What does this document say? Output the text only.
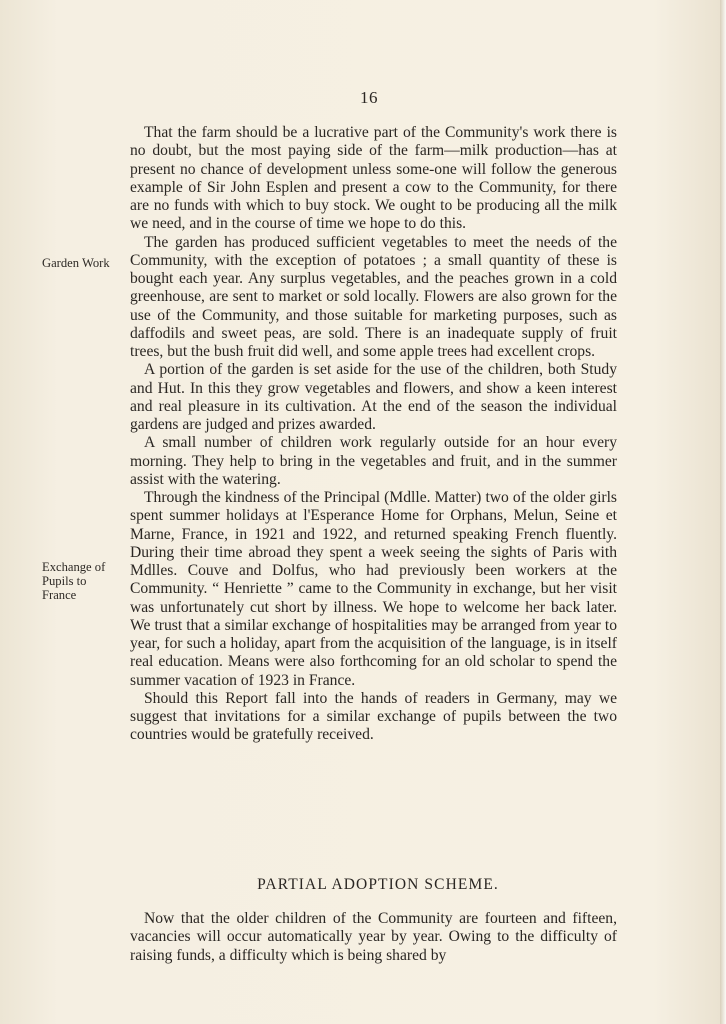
16
Garden Work
Exchange of
Pupils to
France

That the farm should be a lucrative part of the Community's work there is no doubt, but the most paying side of the farm—milk production—has at present no chance of development unless some-one will follow the generous example of Sir John Esplen and present a cow to the Community, for there are no funds with which to buy stock. We ought to be producing all the milk we need, and in the course of time we hope to do this.

The garden has produced sufficient vegetables to meet the needs of the Community, with the exception of potatoes ; a small quantity of these is bought each year. Any surplus vegetables, and the peaches grown in a cold greenhouse, are sent to market or sold locally. Flowers are also grown for the use of the Community, and those suitable for marketing purposes, such as daffodils and sweet peas, are sold. There is an inadequate supply of fruit trees, but the bush fruit did well, and some apple trees had excellent crops.

A portion of the garden is set aside for the use of the children, both Study and Hut. In this they grow vegetables and flowers, and show a keen interest and real pleasure in its cultivation. At the end of the season the individual gardens are judged and prizes awarded.

A small number of children work regularly outside for an hour every morning. They help to bring in the vegetables and fruit, and in the summer assist with the watering.

Through the kindness of the Principal (Mdlle. Matter) two of the older girls spent summer holidays at l'Esperance Home for Orphans, Melun, Seine et Marne, France, in 1921 and 1922, and returned speaking French fluently. During their time abroad they spent a week seeing the sights of Paris with Mdlles. Couve and Dolfus, who had previously been workers at the Community. “ Henriette ” came to the Community in exchange, but her visit was unfortunately cut short by illness. We hope to welcome her back later. We trust that a similar exchange of hospitalities may be arranged from year to year, for such a holiday, apart from the acquisition of the language, is in itself real education. Means were also forthcoming for an old scholar to spend the summer vacation of 1923 in France.

Should this Report fall into the hands of readers in Germany, may we suggest that invitations for a similar exchange of pupils between the two countries would be gratefully received.

PARTIAL ADOPTION SCHEME.

Now that the older children of the Community are fourteen and fifteen, vacancies will occur automatically year by year. Owing to the difficulty of raising funds, a difficulty which is being shared by
